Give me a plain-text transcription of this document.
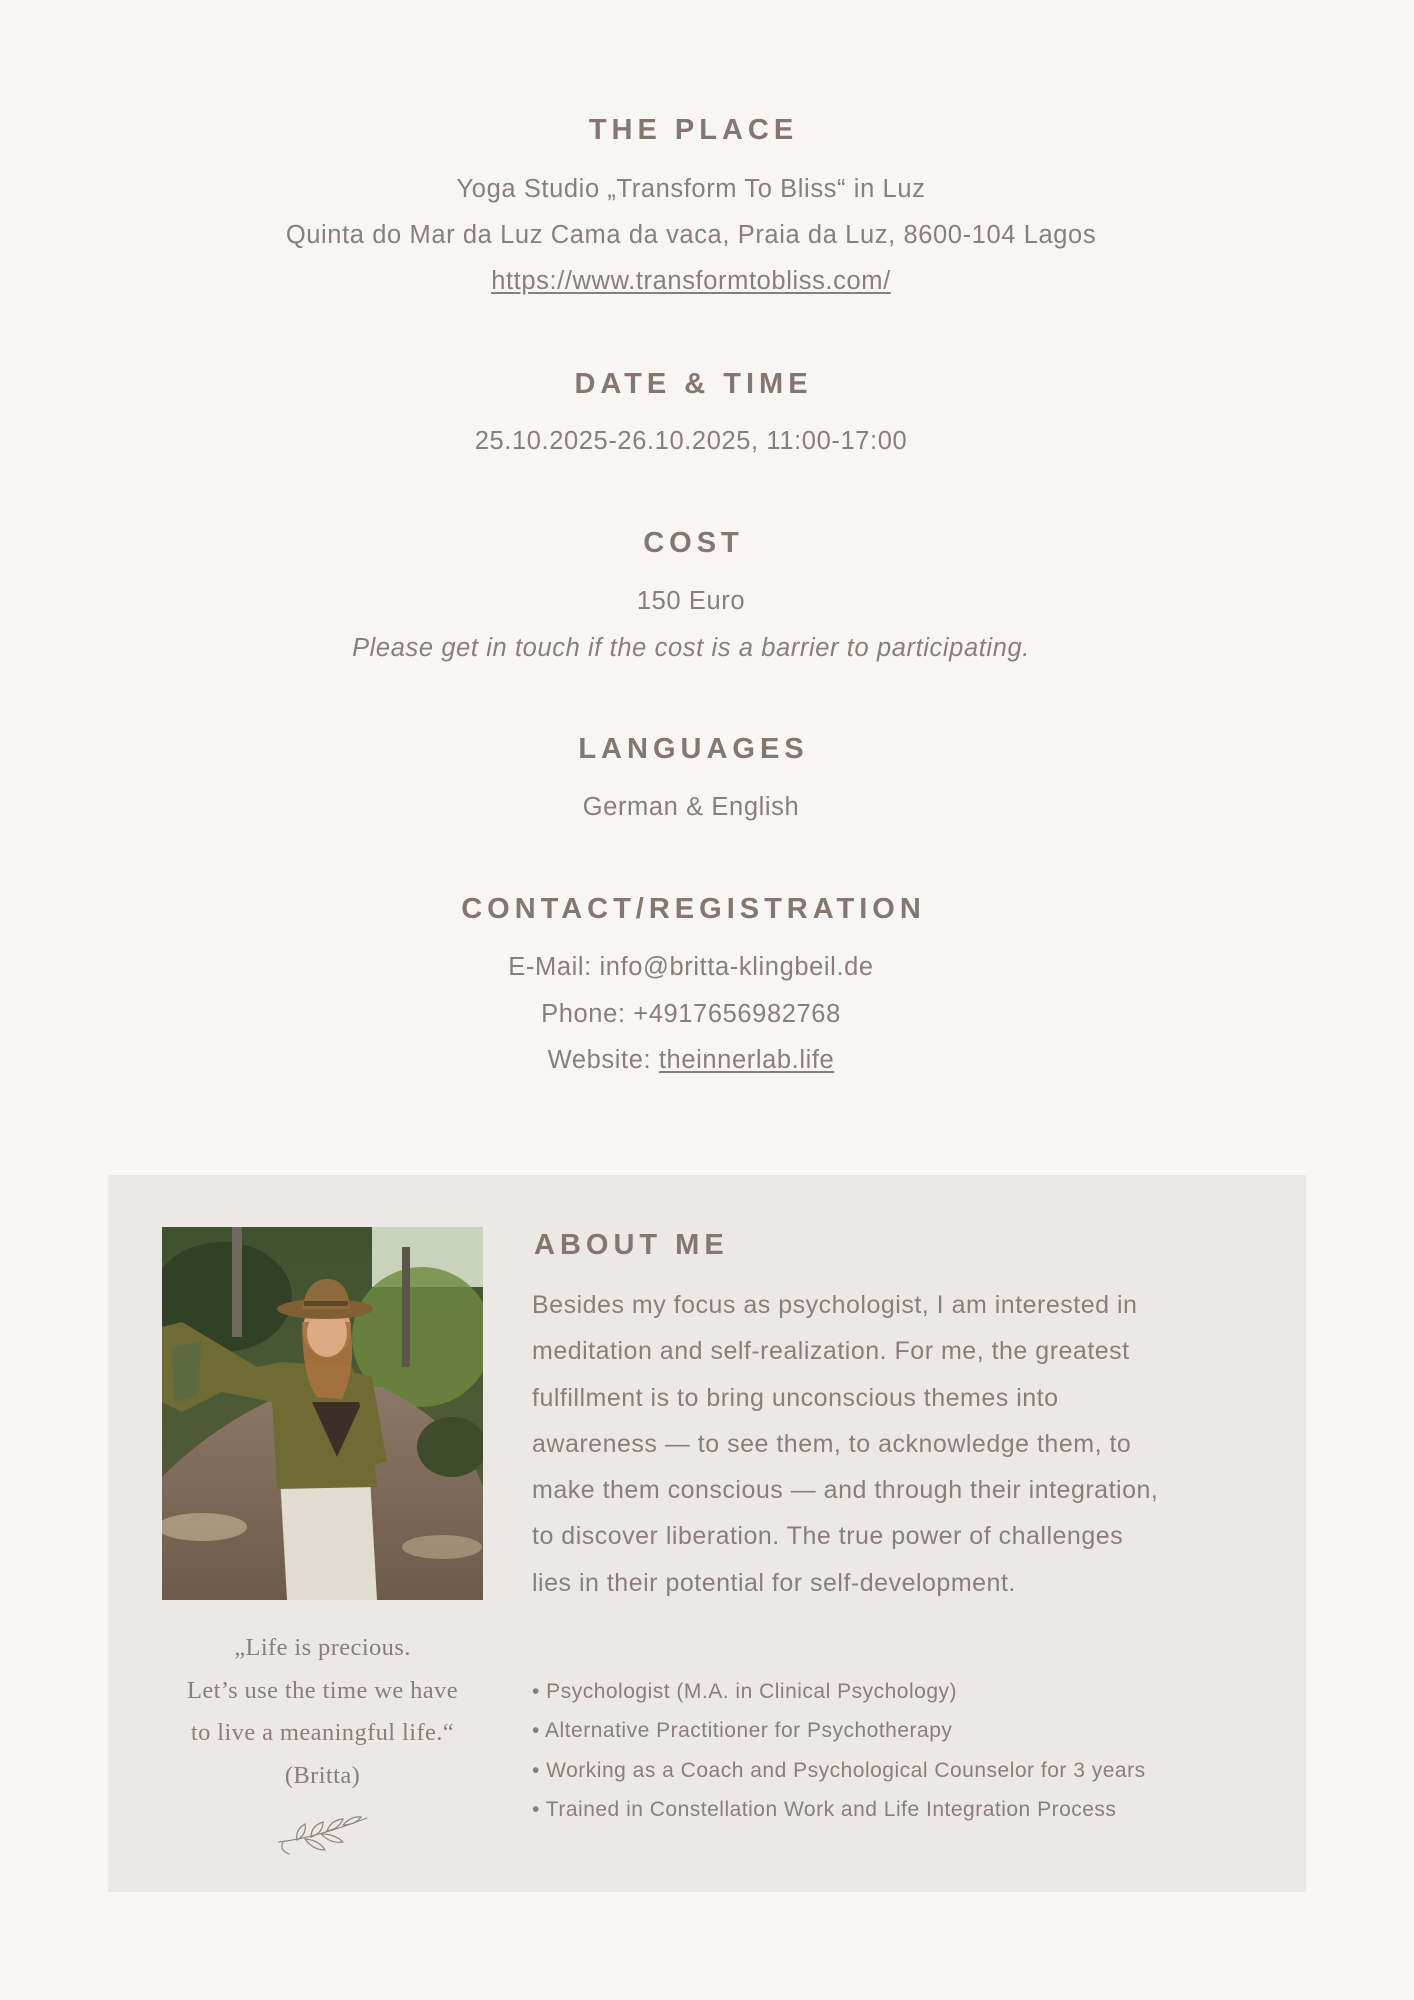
THE PLACE
Yoga Studio „Transform To Bliss“ in Luz
Quinta do Mar da Luz Cama da vaca, Praia da Luz, 8600-104 Lagos
https://www.transformtobliss.com/
DATE & TIME
25.10.2025-26.10.2025, 11:00-17:00
COST
150 Euro
Please get in touch if the cost is a barrier to participating.
LANGUAGES
German & English
CONTACT/REGISTRATION
E-Mail: info@britta-klingbeil.de
Phone: +4917656982768
Website: theinnerlab.life
ABOUT ME
Besides my focus as psychologist, I am interested in
meditation and self-realization. For me, the greatest
fulfillment is to bring unconscious themes into
awareness — to see them, to acknowledge them, to
make them conscious — and through their integration,
to discover liberation. The true power of challenges
lies in their potential for self-development.
„Life is precious.
Let’s use the time we have
to live a meaningful life.“
(Britta)
• Psychologist (M.A. in Clinical Psychology)
• Alternative Practitioner for Psychotherapy
• Working as a Coach and Psychological Counselor for 3 years
• Trained in Constellation Work and Life Integration Process
